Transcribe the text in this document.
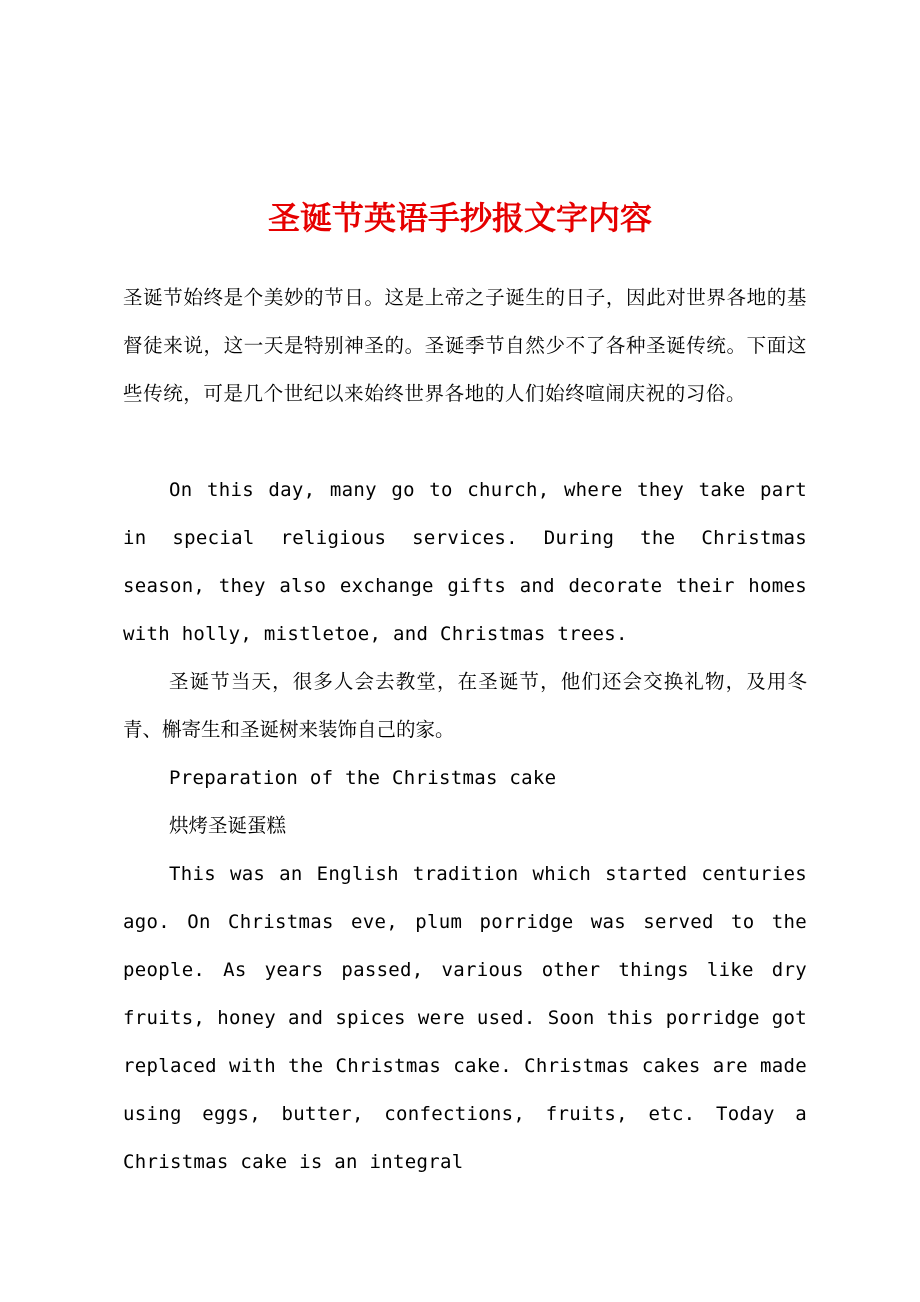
圣诞节英语手抄报文字内容

圣诞节始终是个美妙的节日。这是上帝之子诞生的日子，因此对世界各地的基督徒来说，这一天是特别神圣的。圣诞季节自然少不了各种圣诞传统。下面这些传统，可是几个世纪以来始终世界各地的人们始终喧闹庆祝的习俗。

On this day, many go to church, where they take part in special religious services. During the Christmas season, they also exchange gifts and decorate their homes with holly, mistletoe, and Christmas trees.

圣诞节当天，很多人会去教堂，在圣诞节，他们还会交换礼物，及用冬青、槲寄生和圣诞树来装饰自己的家。

Preparation of the Christmas cake

烘烤圣诞蛋糕

This was an English tradition which started centuries ago. On Christmas eve, plum porridge was served to the people. As years passed, various other things like dry fruits, honey and spices were used. Soon this porridge got replaced with the Christmas cake. Christmas cakes are made using eggs, butter, confections, fruits, etc. Today a Christmas cake is an integral
